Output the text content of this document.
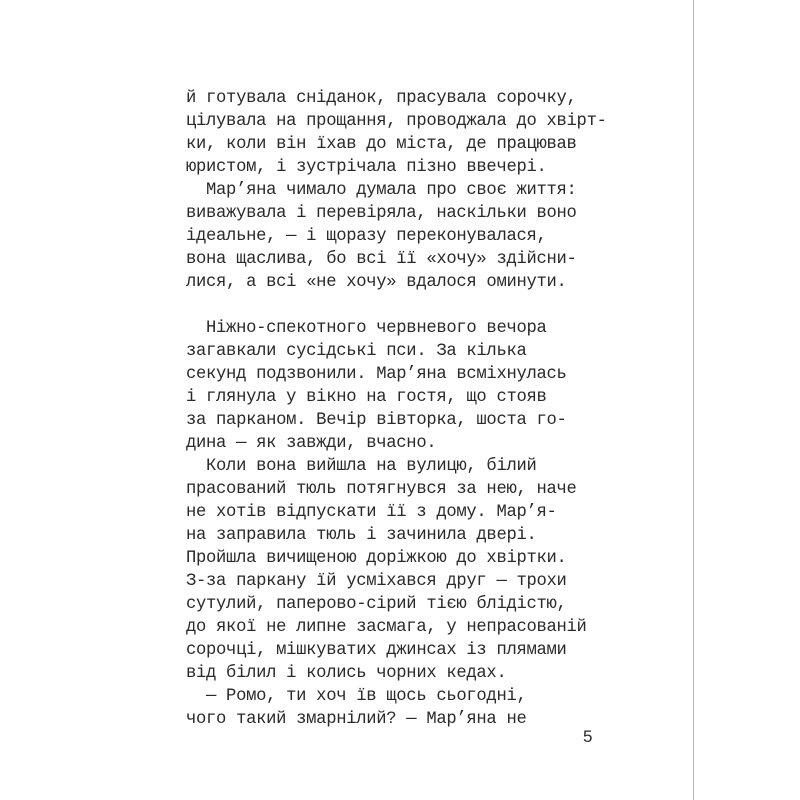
й готувала сніданок, прасувала сорочку,
цілувала на прощання, проводжала до хвірт-
ки, коли він їхав до міста, де працював
юристом, і зустрічала пізно ввечері.
Мар’яна чимало думала про своє життя:
виважувала і перевіряла, наскільки воно
ідеальне, — і щоразу переконувалася,
вона щаслива, бо всі її «хочу» здійсни-
лися, а всі «не хочу» вдалося оминути.
Ніжно-спекотного червневого вечора
загавкали сусідські пси. За кілька
секунд подзвонили. Мар’яна всміхнулась
і глянула у вікно на гостя, що стояв
за парканом. Вечір вівторка, шоста го-
дина — як завжди, вчасно.
Коли вона вийшла на вулицю, білий
прасований тюль потягнувся за нею, наче
не хотів відпускати її з дому. Мар’я-
на заправила тюль і зачинила двері.
Пройшла вичищеною доріжкою до хвіртки.
З-за паркану їй усміхався друг — трохи
сутулий, паперово-сірий тією блідістю,
до якої не липне засмага, у непрасованій
сорочці, мішкуватих джинсах із плямами
від білил і колись чорних кедах.
— Ромо, ти хоч їв щось сьогодні,
чого такий змарнілий? — Мар’яна не
5
